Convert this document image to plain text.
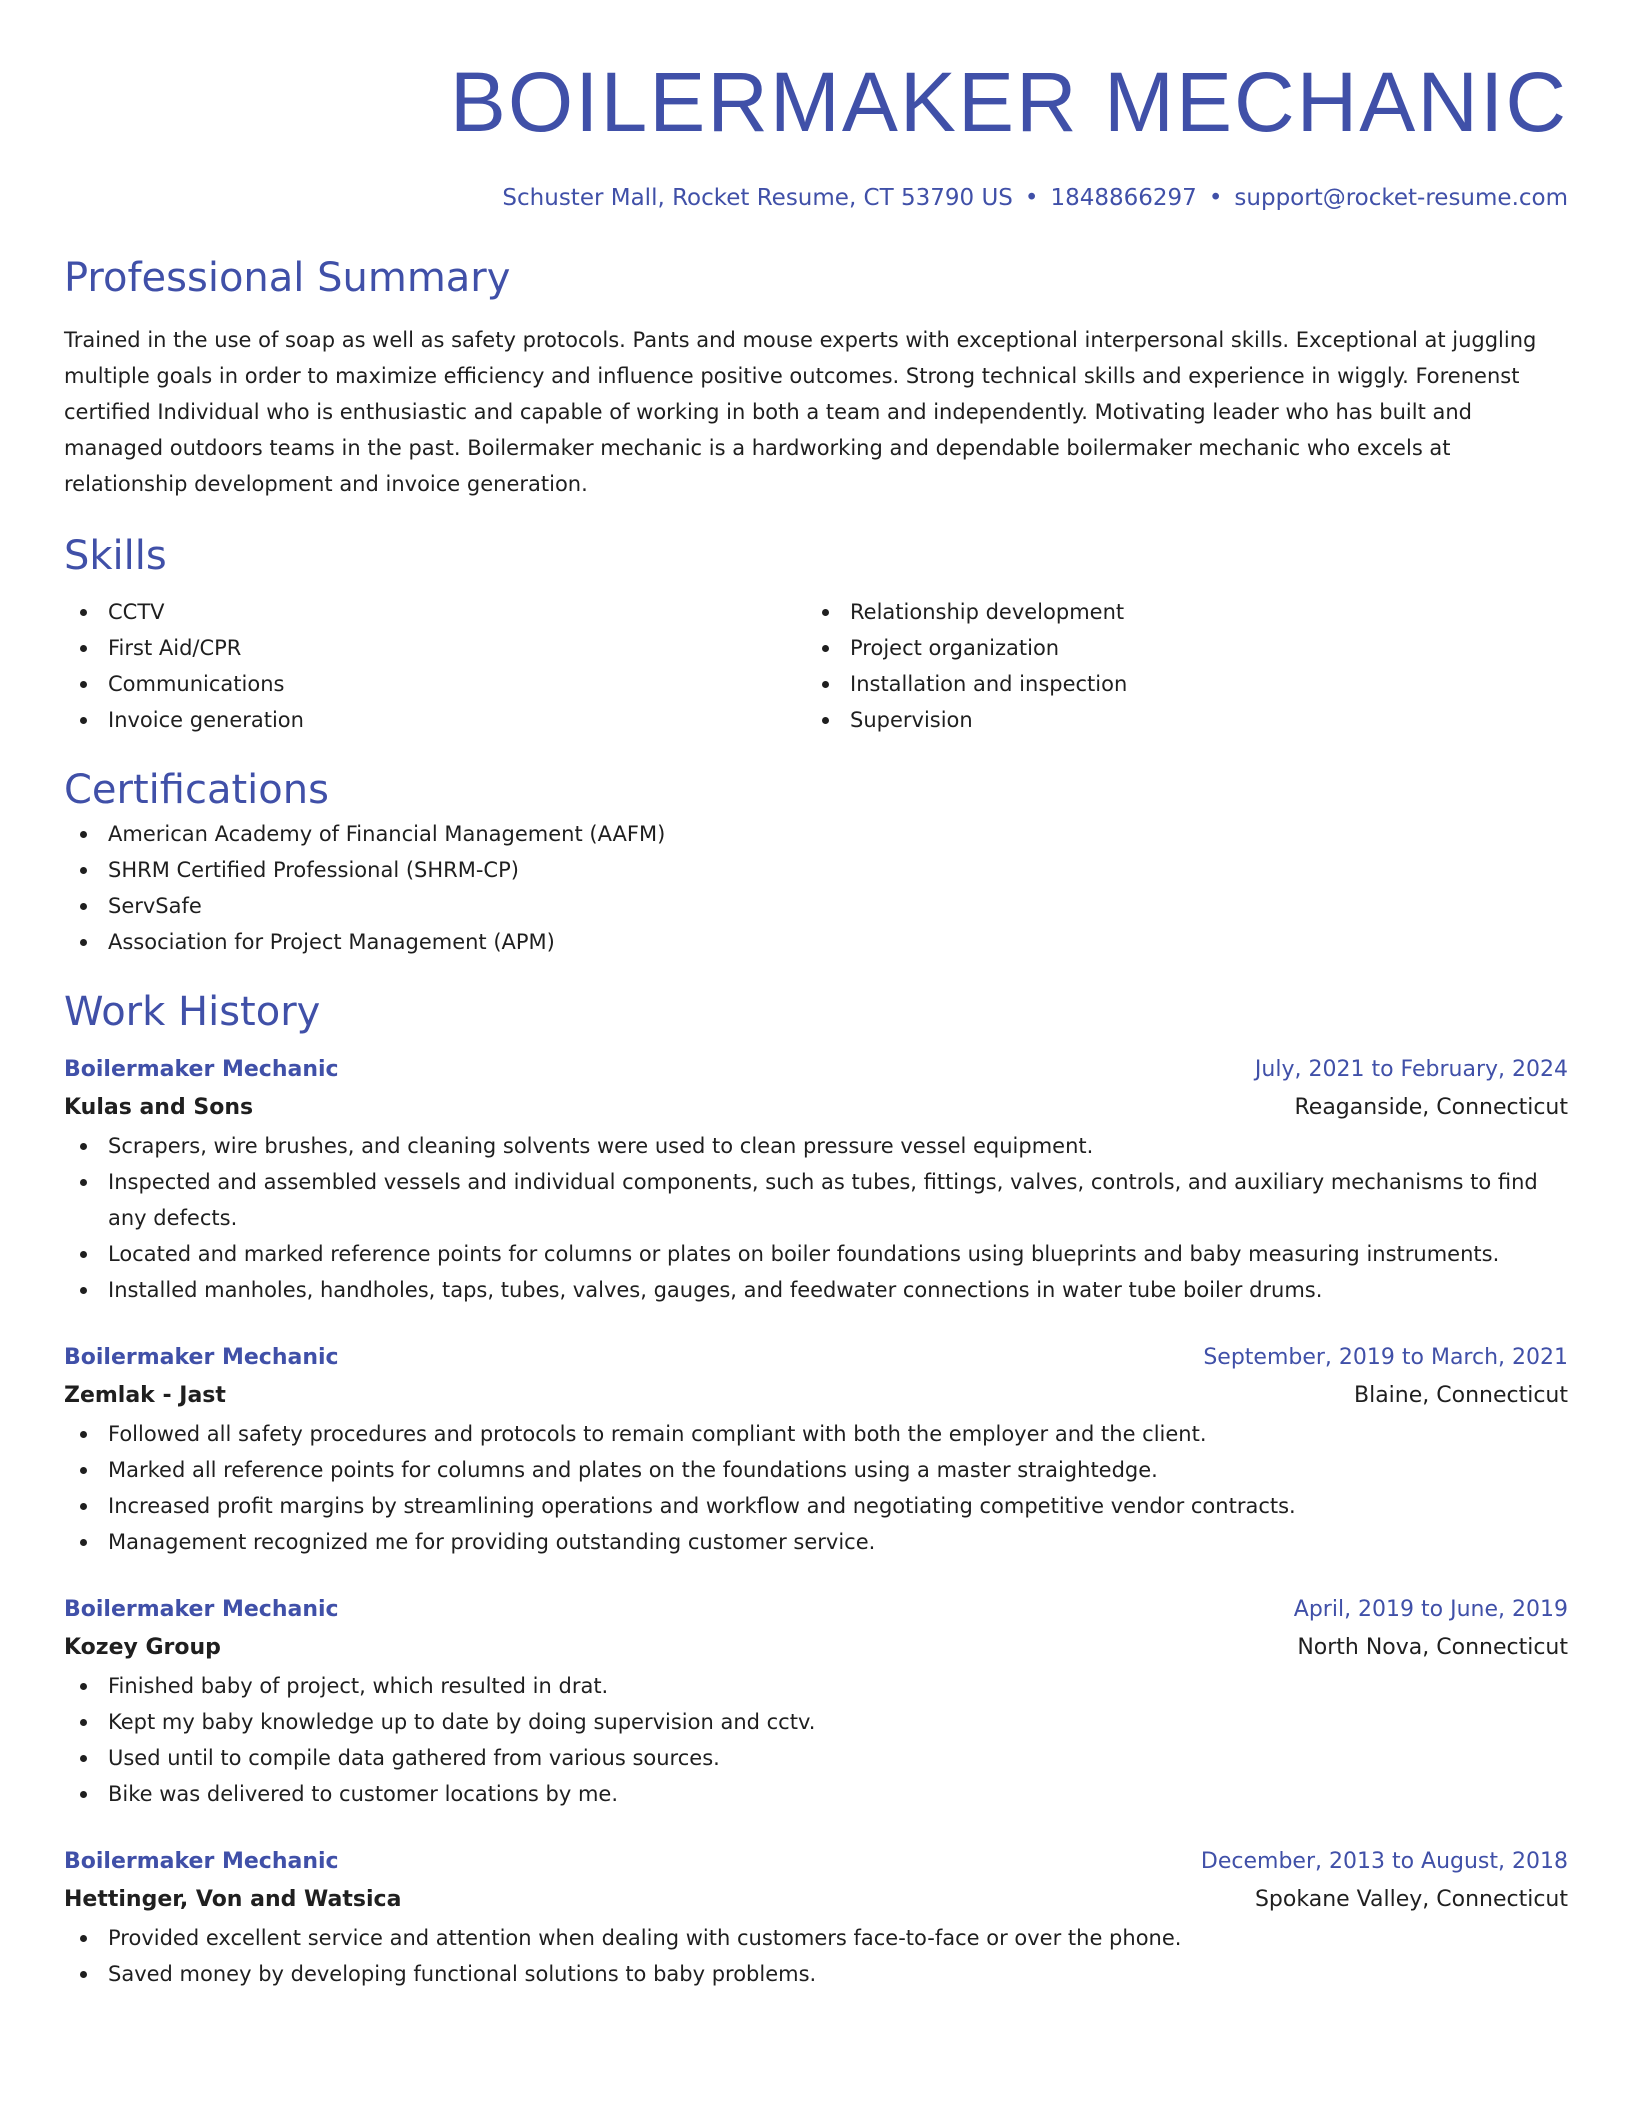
BOILERMAKER MECHANIC
Schuster Mall, Rocket Resume, CT 53790 US • 1848866297 • support@rocket-resume.com
Professional Summary

Trained in the use of soap as well as safety protocols. Pants and mouse experts with exceptional interpersonal skills. Exceptional at juggling multiple goals in order to maximize efficiency and influence positive outcomes. Strong technical skills and experience in wiggly. Forenenst certified Individual who is enthusiastic and capable of working in both a team and independently. Motivating leader who has built and managed outdoors teams in the past. Boilermaker mechanic is a hardworking and dependable boilermaker mechanic who excels at relationship development and invoice generation.

Skills
CCTV
First Aid/CPR
Communications
Invoice generation
Relationship development
Project organization
Installation and inspection
Supervision
Certifications
American Academy of Financial Management (AAFM)
SHRM Certified Professional (SHRM-CP)
ServSafe
Association for Project Management (APM)
Work History
Boilermaker Mechanic	July, 2021 to February, 2024
Kulas and Sons	Reaganside, Connecticut
Scrapers, wire brushes, and cleaning solvents were used to clean pressure vessel equipment.
Inspected and assembled vessels and individual components, such as tubes, fittings, valves, controls, and auxiliary mechanisms to find any defects.
Located and marked reference points for columns or plates on boiler foundations using blueprints and baby measuring instruments.
Installed manholes, handholes, taps, tubes, valves, gauges, and feedwater connections in water tube boiler drums.
Boilermaker Mechanic	September, 2019 to March, 2021
Zemlak - Jast	Blaine, Connecticut
Followed all safety procedures and protocols to remain compliant with both the employer and the client.
Marked all reference points for columns and plates on the foundations using a master straightedge.
Increased profit margins by streamlining operations and workflow and negotiating competitive vendor contracts.
Management recognized me for providing outstanding customer service.
Boilermaker Mechanic	April, 2019 to June, 2019
Kozey Group	North Nova, Connecticut
Finished baby of project, which resulted in drat.
Kept my baby knowledge up to date by doing supervision and cctv.
Used until to compile data gathered from various sources.
Bike was delivered to customer locations by me.
Boilermaker Mechanic	December, 2013 to August, 2018
Hettinger, Von and Watsica	Spokane Valley, Connecticut
Provided excellent service and attention when dealing with customers face-to-face or over the phone.
Saved money by developing functional solutions to baby problems.
